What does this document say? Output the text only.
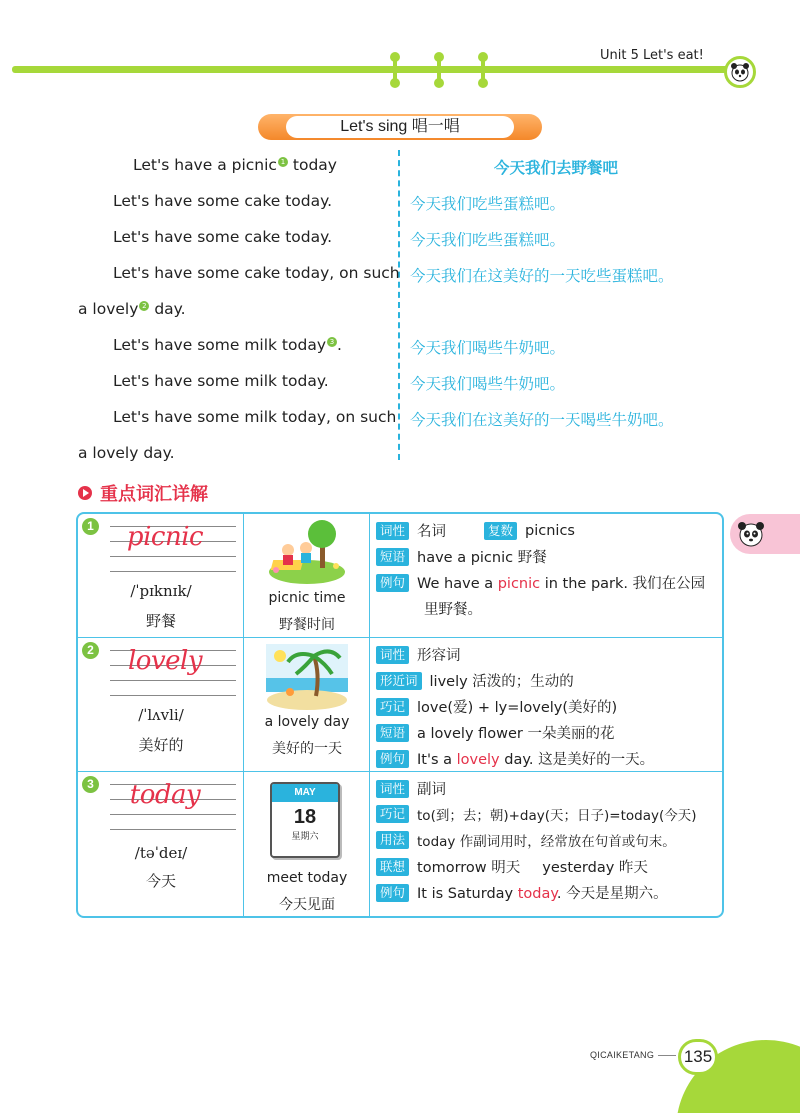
Unit 5 Let's eat!
Let's sing 唱一唱
Let's have a picnic 1 today	今天我们去野餐吧
Let's have some cake today.	今天我们吃些蛋糕吧。
Let's have some cake today.	今天我们吃些蛋糕吧。
Let's have some cake today, on such 今天我们在这美好的一天吃些蛋糕吧。
a lovely 2 day.
Let's have some milk today 3 .	今天我们喝些牛奶吧。
Let's have some milk today.	今天我们喝些牛奶吧。
Let's have some milk today, on such 今天我们在这美好的一天喝些牛奶吧。
a lovely day.
重点词汇详解
1	picnic
/ˈpɪknɪk/
野餐
picnic time
野餐时间
词性 名词	复数 picnics
短语 have a picnic 野餐
例句 We have a picnic in the park. 我们在公园
里野餐。
2	lovely
/ˈlʌvli/
美好的
a lovely day
美好的一天
词性 形容词
形近词 lively 活泼的；生动的
巧记 love(爱) + ly=lovely(美好的)
短语 a lovely flower 一朵美丽的花
例句 It's a lovely day. 这是美好的一天。
3	today
/təˈdeɪ/
今天
MAY
18
星期六
meet today
今天见面
词性 副词
巧记 to(到；去；朝)+day(天；日子)=today(今天)
用法 today 作副词用时，经常放在句首或句末。
联想 tomorrow 明天 yesterday 昨天
例句 It is Saturday today. 今天是星期六。
QICAIKETANG	135
